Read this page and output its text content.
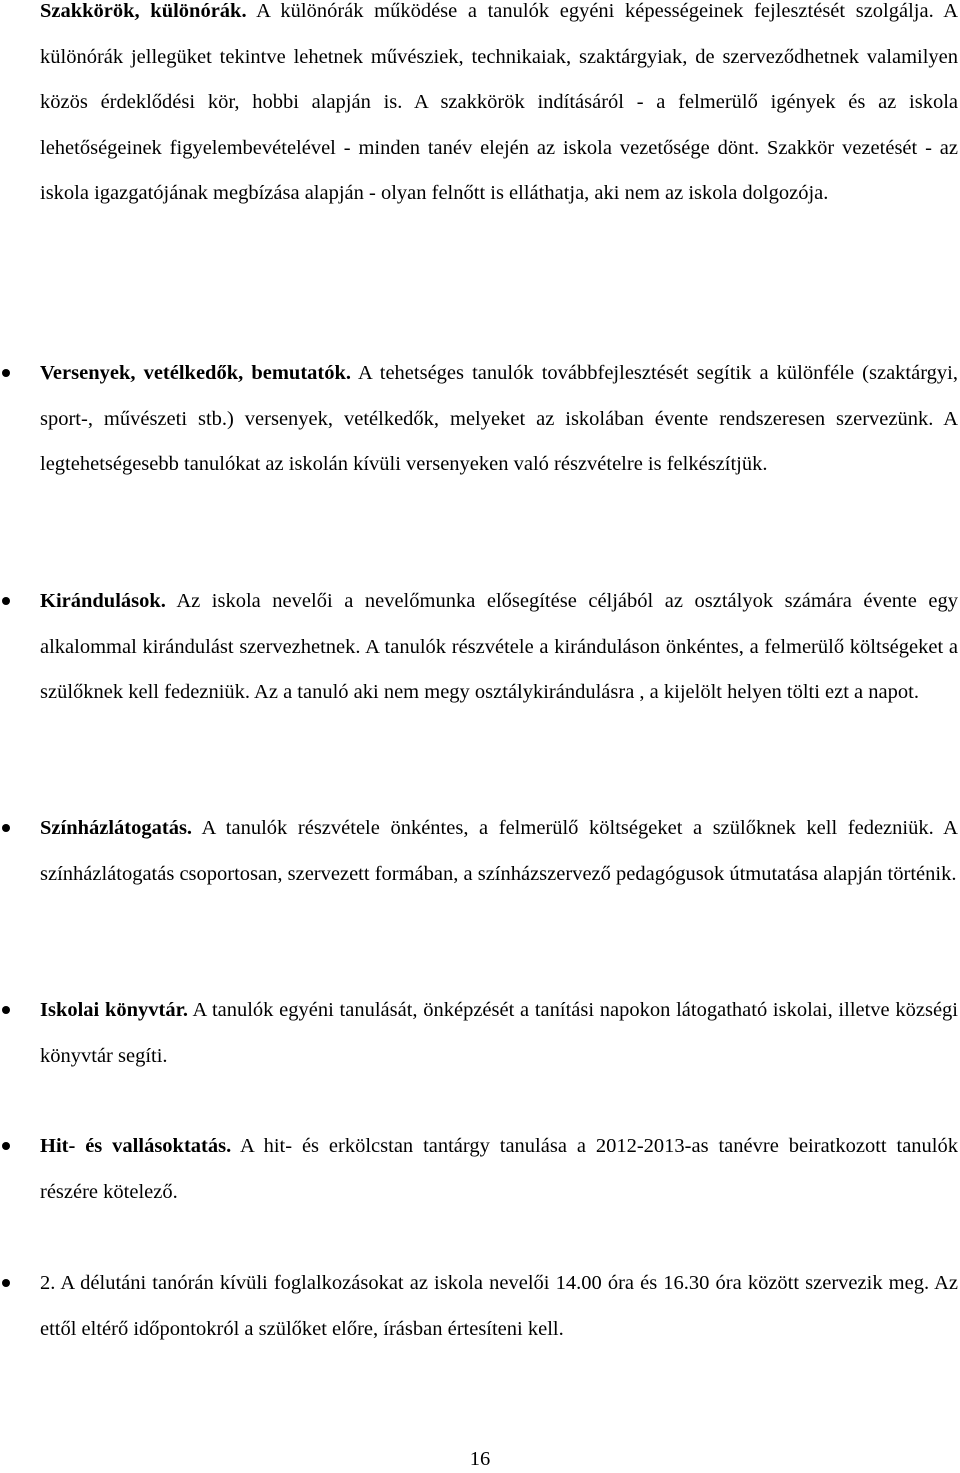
Szakkörök, különórák. A különórák működése a tanulók egyéni képességeinek fejlesztését szolgálja. A különórák jellegüket tekintve lehetnek művésziek, technikaiak, szaktárgyiak, de szerveződhetnek valamilyen közös érdeklődési kör, hobbi alapján is. A szakkörök indításáról - a felmerülő igények és az iskola lehetőségeinek figyelembevételével - minden tanév elején az iskola vezetősége dönt. Szakkör vezetését - az iskola igazgatójának megbízása alapján - olyan felnőtt is elláthatja, aki nem az iskola dolgozója.

Versenyek, vetélkedők, bemutatók. A tehetséges tanulók továbbfejlesztését segítik a különféle (szaktárgyi, sport-, művészeti stb.) versenyek, vetélkedők, melyeket az iskolában évente rendszeresen szervezünk. A legtehetségesebb tanulókat az iskolán kívüli versenyeken való részvételre is felkészítjük.

Kirándulások. Az iskola nevelői a nevelőmunka elősegítése céljából az osztályok számára évente egy alkalommal kirándulást szervezhetnek. A tanulók részvétele a kiránduláson önkéntes, a felmerülő költségeket a szülőknek kell fedezniük. Az a tanuló aki nem megy osztálykirándulásra , a kijelölt helyen tölti ezt a napot.

Színházlátogatás. A tanulók részvétele önkéntes, a felmerülő költségeket a szülőknek kell fedezniük. A színházlátogatás csoportosan, szervezett formában, a színházszervező pedagógusok útmutatása alapján történik.

Iskolai könyvtár. A tanulók egyéni tanulását, önképzését a tanítási napokon látogatható iskolai, illetve községi könyvtár segíti.

Hit- és vallásoktatás. A hit- és erkölcstan tantárgy tanulása a 2012-2013-as tanévre beiratkozott tanulók részére kötelező.

2. A délutáni tanórán kívüli foglalkozásokat az iskola nevelői 14.00 óra és 16.30 óra között szervezik meg. Az ettől eltérő időpontokról a szülőket előre, írásban értesíteni kell.

16
